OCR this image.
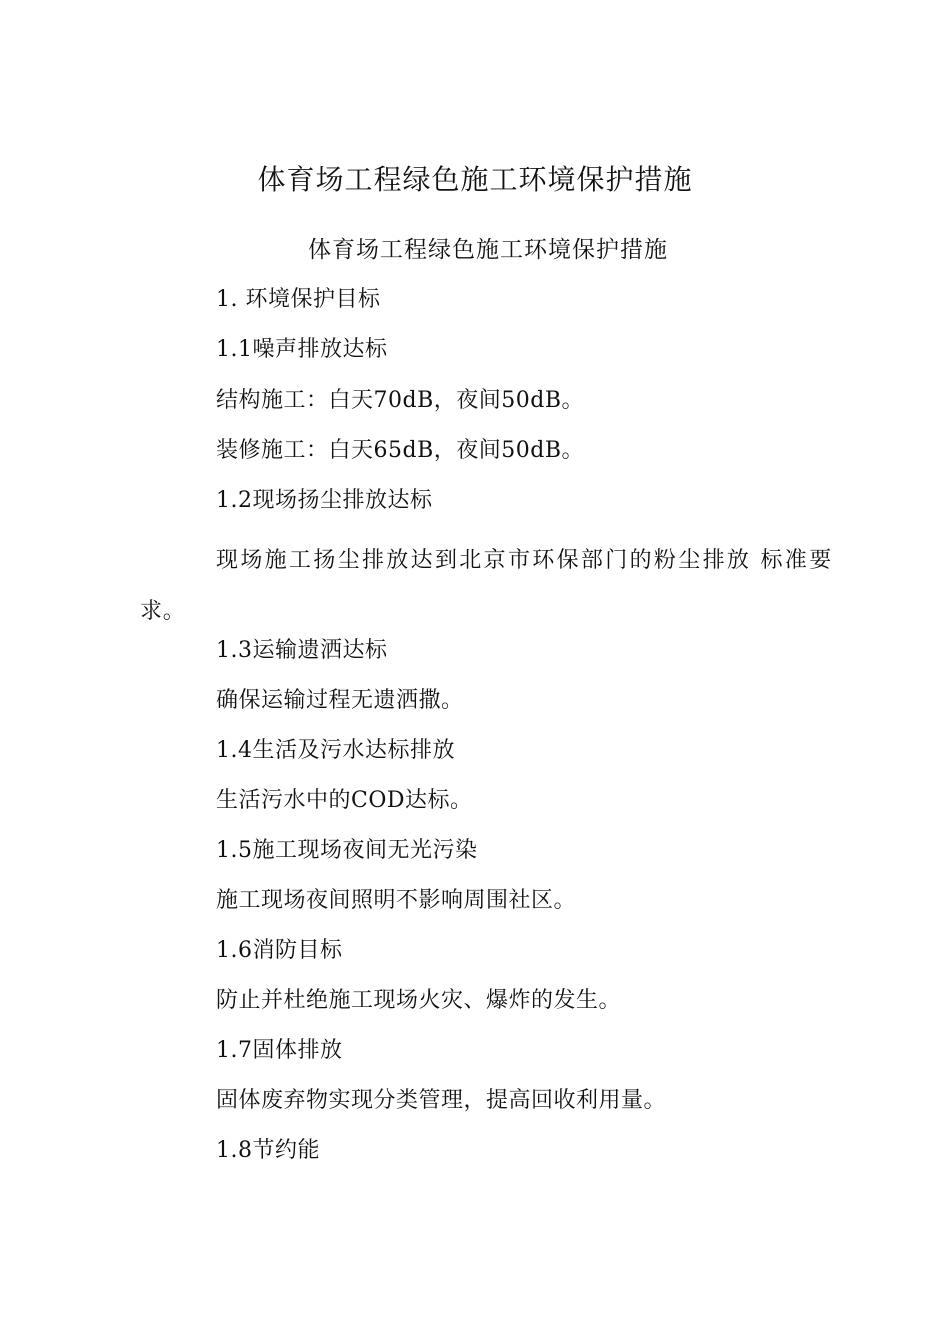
体育场工程绿色施工环境保护措施
体育场工程绿色施工环境保护措施
1. 环境保护目标
1.1噪声排放达标
结构施工：白天70dB，夜间50dB。
装修施工：白天65dB，夜间50dB。
1.2现场扬尘排放达标
现场施工扬尘排放达到北京市环保部门的粉尘排放 标准要求。
1.3运输遗洒达标
确保运输过程无遗洒撒。
1.4生活及污水达标排放
生活污水中的COD达标。
1.5施工现场夜间无光污染
施工现场夜间照明不影响周围社区。
1.6消防目标
防止并杜绝施工现场火灾、爆炸的发生。
1.7固体排放
固体废弃物实现分类管理，提高回收利用量。
1.8节约能
